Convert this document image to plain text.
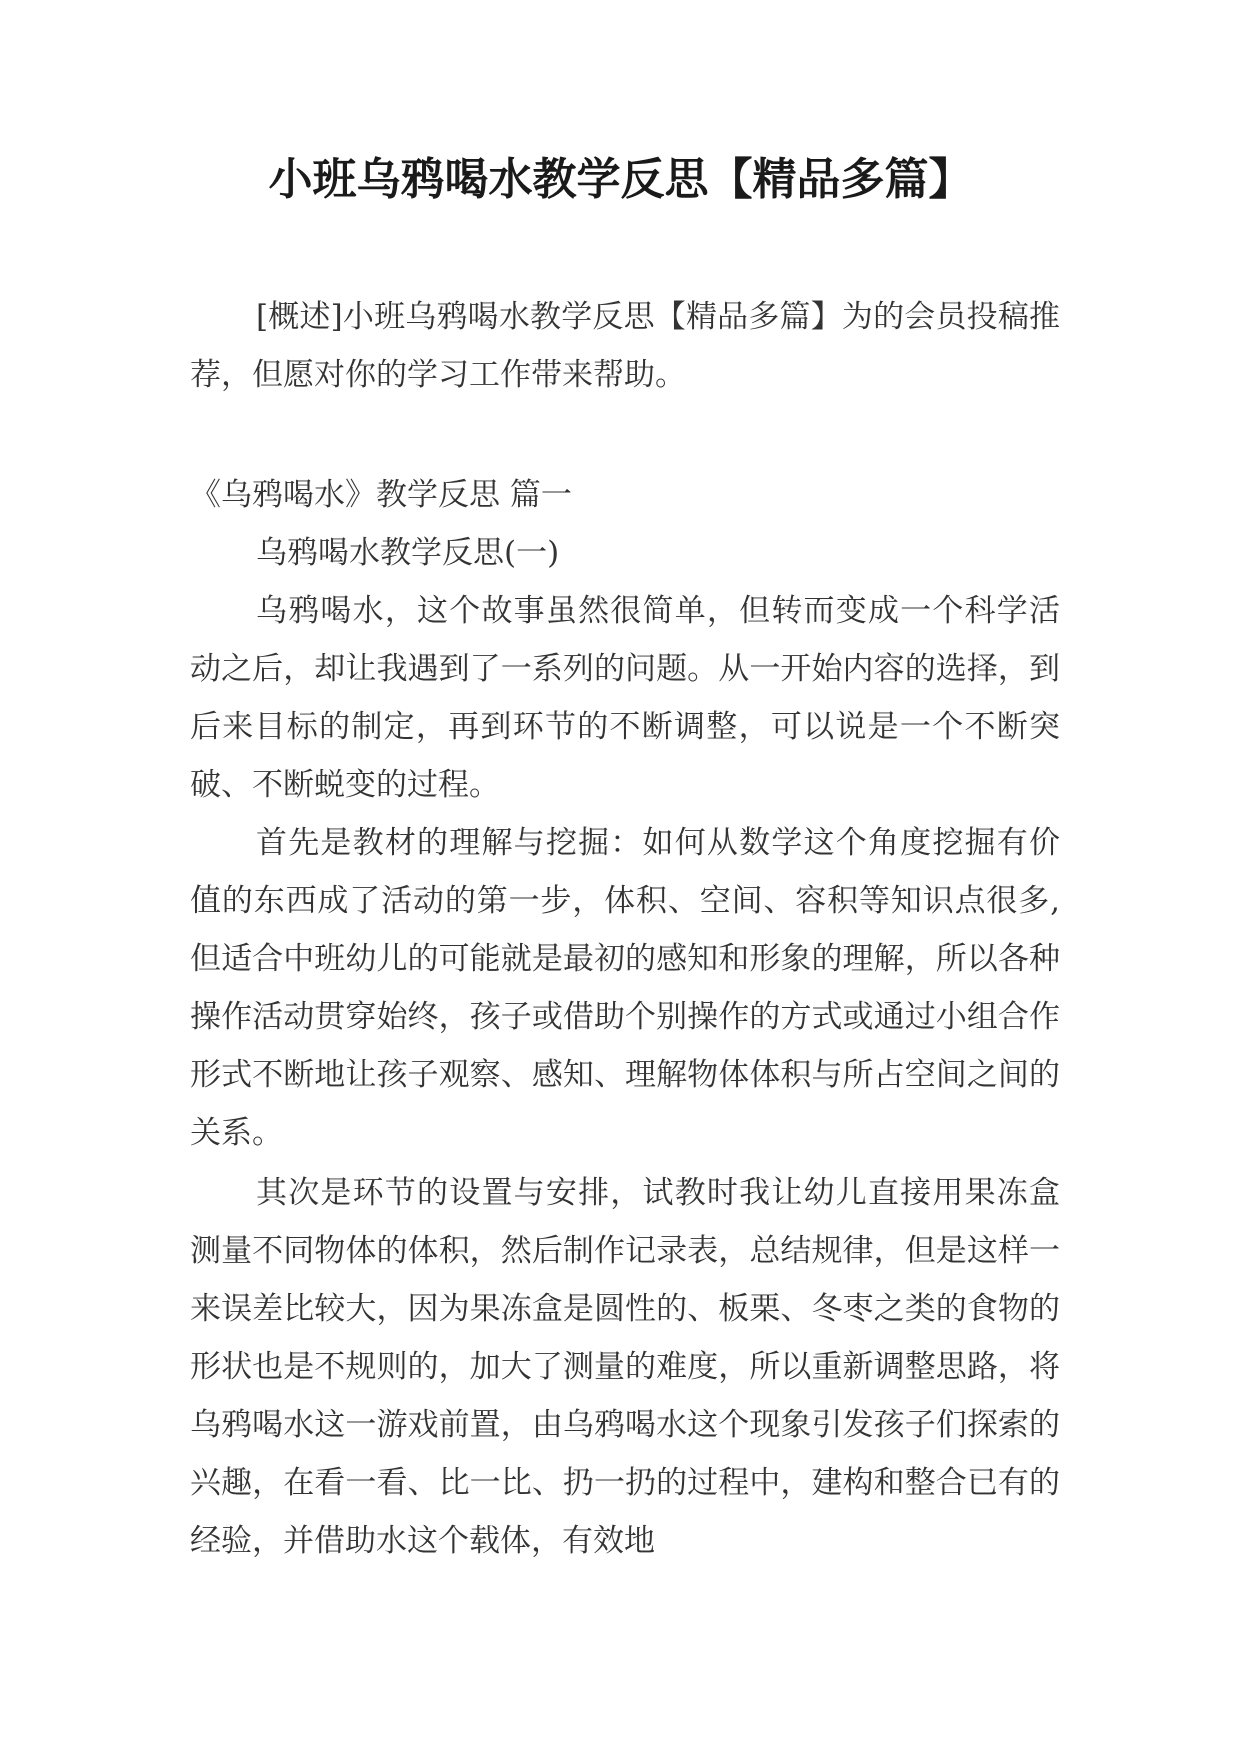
小班乌鸦喝水教学反思【精品多篇】

[概述]小班乌鸦喝水教学反思【精品多篇】为的会员投稿推荐，但愿对你的学习工作带来帮助。

《乌鸦喝水》教学反思 篇一

乌鸦喝水教学反思(一)

乌鸦喝水，这个故事虽然很简单，但转而变成一个科学活动之后，却让我遇到了一系列的问题。从一开始内容的选择，到后来目标的制定，再到环节的不断调整，可以说是一个不断突破、不断蜕变的过程。

首先是教材的理解与挖掘：如何从数学这个角度挖掘有价值的东西成了活动的第一步，体积、空间、容积等知识点很多,但适合中班幼儿的可能就是最初的感知和形象的理解，所以各种操作活动贯穿始终，孩子或借助个别操作的方式或通过小组合作形式不断地让孩子观察、感知、理解物体体积与所占空间之间的关系。

其次是环节的设置与安排，试教时我让幼儿直接用果冻盒测量不同物体的体积，然后制作记录表，总结规律，但是这样一来误差比较大，因为果冻盒是圆性的、板栗、冬枣之类的食物的形状也是不规则的，加大了测量的难度，所以重新调整思路，将乌鸦喝水这一游戏前置，由乌鸦喝水这个现象引发孩子们探索的兴趣，在看一看、比一比、扔一扔的过程中，建构和整合已有的经验，并借助水这个载体，有效地
